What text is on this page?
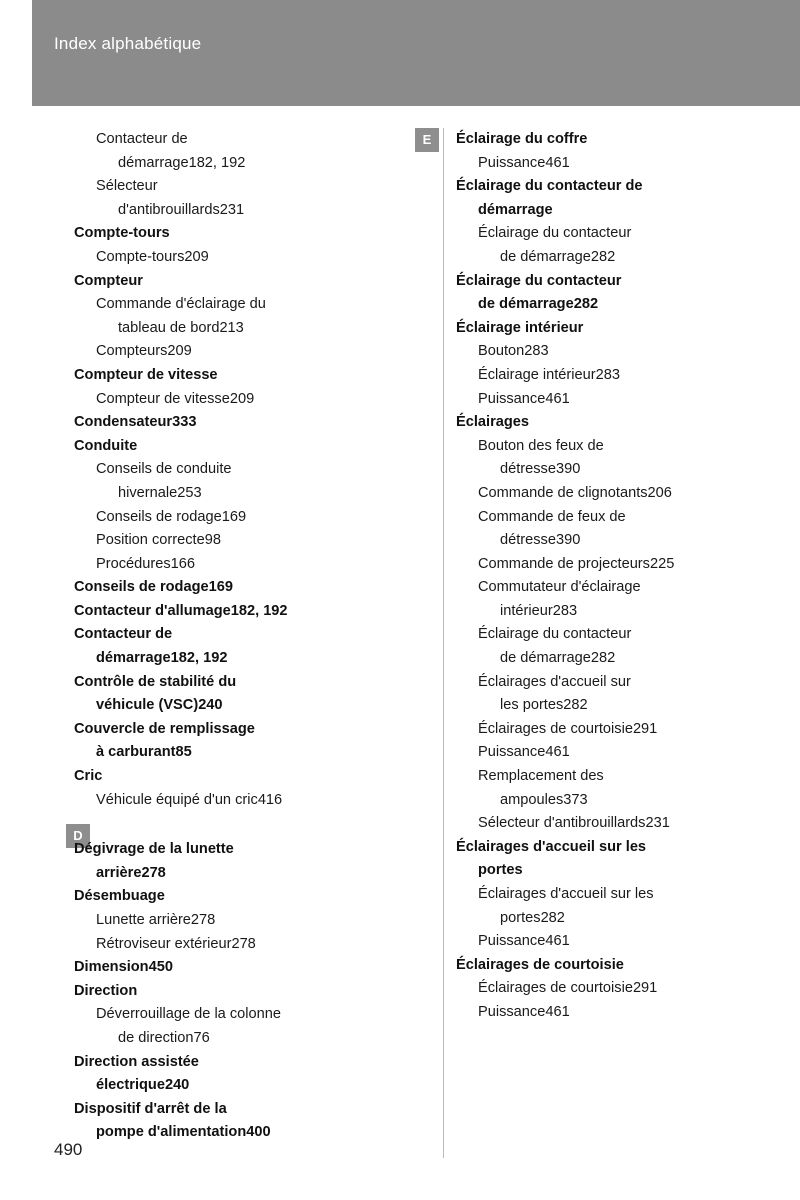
Index alphabétique
E
D
Contacteur de
démarrage182, 192
Sélecteur
d'antibrouillards231
Compte-tours
Compte-tours209
Compteur
Commande d'éclairage du
tableau de bord213
Compteurs209
Compteur de vitesse
Compteur de vitesse209
Condensateur333
Conduite
Conseils de conduite
hivernale253
Conseils de rodage169
Position correcte98
Procédures166
Conseils de rodage169
Contacteur d'allumage182, 192
Contacteur de
démarrage182, 192
Contrôle de stabilité du
véhicule (VSC)240
Couvercle de remplissage
à carburant85
Cric
Véhicule équipé d'un cric416
Dégivrage de la lunette
arrière278
Désembuage
Lunette arrière278
Rétroviseur extérieur278
Dimension450
Direction
Déverrouillage de la colonne
de direction76
Direction assistée
électrique240
Dispositif d'arrêt de la
pompe d'alimentation400
Éclairage du coffre
Puissance461
Éclairage du contacteur de
démarrage
Éclairage du contacteur
de démarrage282
Éclairage du contacteur
de démarrage282
Éclairage intérieur
Bouton283
Éclairage intérieur283
Puissance461
Éclairages
Bouton des feux de
détresse390
Commande de clignotants206
Commande de feux de
détresse390
Commande de projecteurs225
Commutateur d'éclairage
intérieur283
Éclairage du contacteur
de démarrage282
Éclairages d'accueil sur
les portes282
Éclairages de courtoisie291
Puissance461
Remplacement des
ampoules373
Sélecteur d'antibrouillards231
Éclairages d'accueil sur les
portes
Éclairages d'accueil sur les
portes282
Puissance461
Éclairages de courtoisie
Éclairages de courtoisie291
Puissance461
490
